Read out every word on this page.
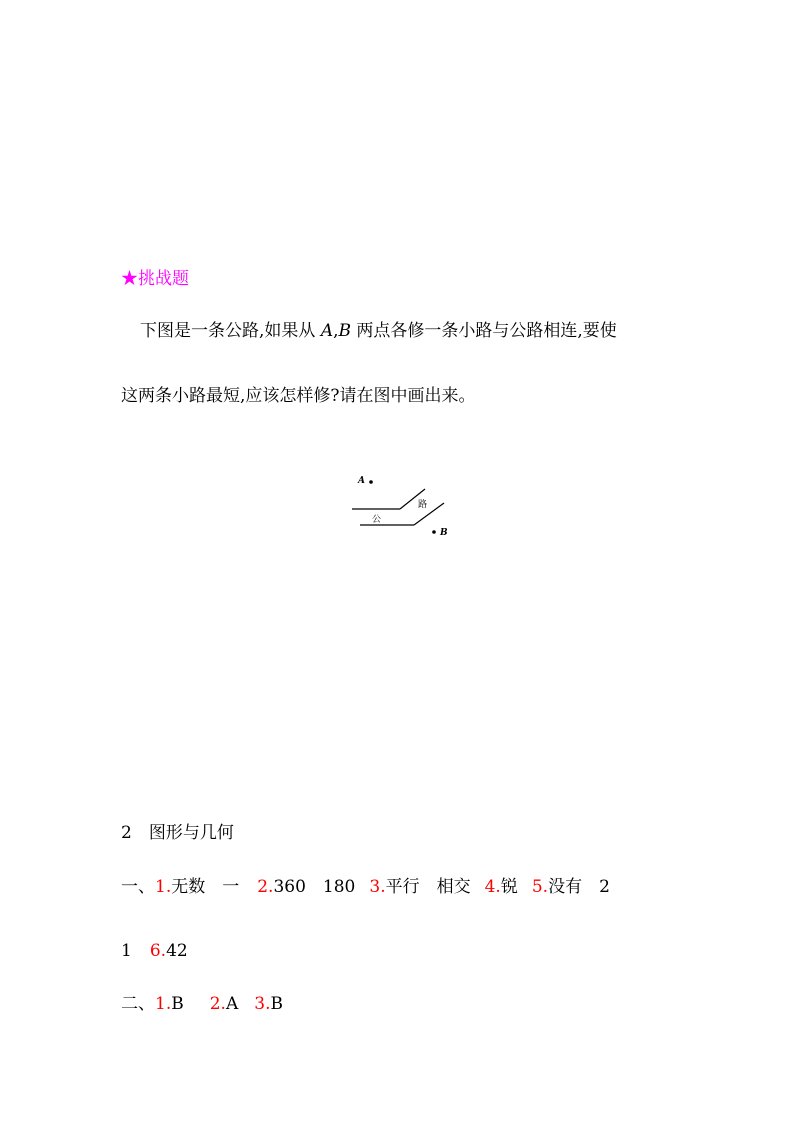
★挑战题
下图是一条公路,如果从 A,B 两点各修一条小路与公路相连,要使
这两条小路最短,应该怎样修?请在图中画出来。
A
B
公
路
2　图形与几何
一、1.无数　一 2.360　180 3.平行　相交 4.锐 5.没有　2
1 6.42
二、1.B 2.A 3.B
